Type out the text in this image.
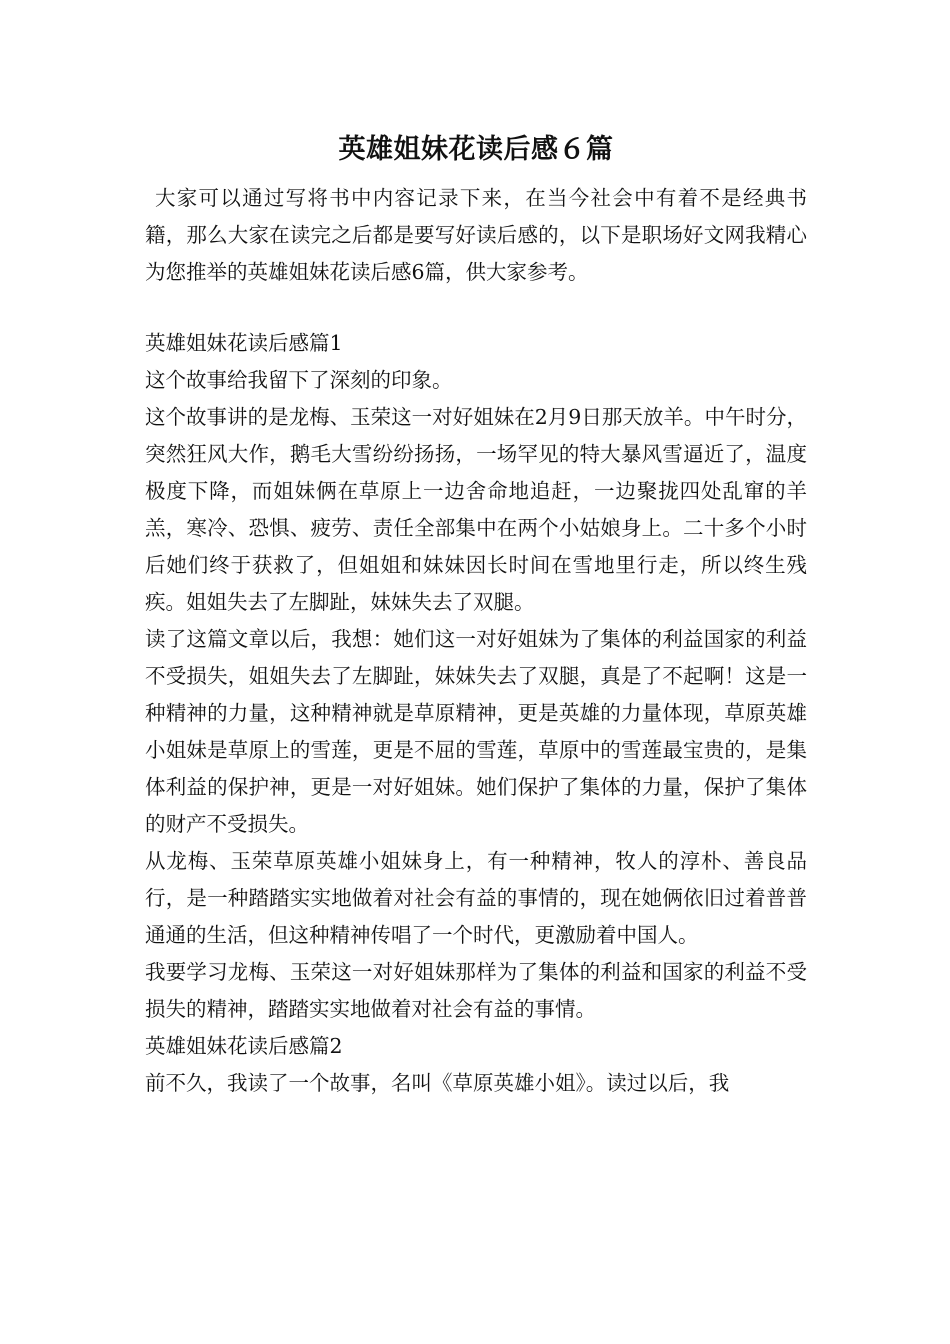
英雄姐妹花读后感６篇

大家可以通过写将书中内容记录下来，在当今社会中有着不是经典书籍，那么大家在读完之后都是要写好读后感的，以下是职场好文网我精心为您推举的英雄姐妹花读后感6篇，供大家参考。

英雄姐妹花读后感篇1

这个故事给我留下了深刻的印象。

这个故事讲的是龙梅、玉荣这一对好姐妹在2月9日那天放羊。中午时分，突然狂风大作，鹅毛大雪纷纷扬扬，一场罕见的特大暴风雪逼近了，温度极度下降，而姐妹俩在草原上一边舍命地追赶，一边聚拢四处乱窜的羊羔，寒冷、恐惧、疲劳、责任全部集中在两个小姑娘身上。二十多个小时后她们终于获救了，但姐姐和妹妹因长时间在雪地里行走，所以终生残疾。姐姐失去了左脚趾，妹妹失去了双腿。

读了这篇文章以后，我想：她们这一对好姐妹为了集体的利益国家的利益不受损失，姐姐失去了左脚趾，妹妹失去了双腿，真是了不起啊！这是一种精神的力量，这种精神就是草原精神，更是英雄的力量体现，草原英雄小姐妹是草原上的雪莲，更是不屈的雪莲，草原中的雪莲最宝贵的，是集体利益的保护神，更是一对好姐妹。她们保护了集体的力量，保护了集体的财产不受损失。

从龙梅、玉荣草原英雄小姐妹身上，有一种精神，牧人的淳朴、善良品行，是一种踏踏实实地做着对社会有益的事情的，现在她俩依旧过着普普通通的生活，但这种精神传唱了一个时代，更激励着中国人。

我要学习龙梅、玉荣这一对好姐妹那样为了集体的利益和国家的利益不受损失的精神，踏踏实实地做着对社会有益的事情。

英雄姐妹花读后感篇2

前不久，我读了一个故事，名叫《草原英雄小姐》。读过以后，我
